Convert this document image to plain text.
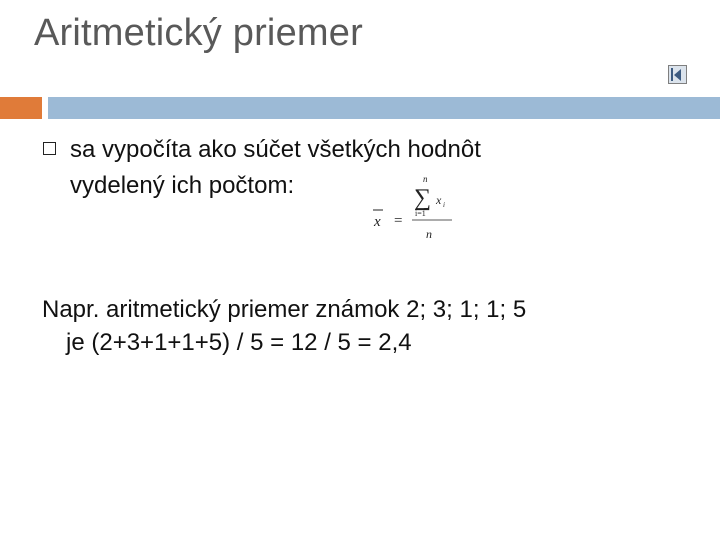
Aritmetický priemer
sa vypočíta ako súčet všetkých hodnôt
vydelený ich počtom:
x =
n
∑ x i
i=1
n
Napr. aritmetický priemer známok 2; 3; 1; 1; 5
je (2+3+1+1+5) / 5 = 12 / 5 = 2,4
